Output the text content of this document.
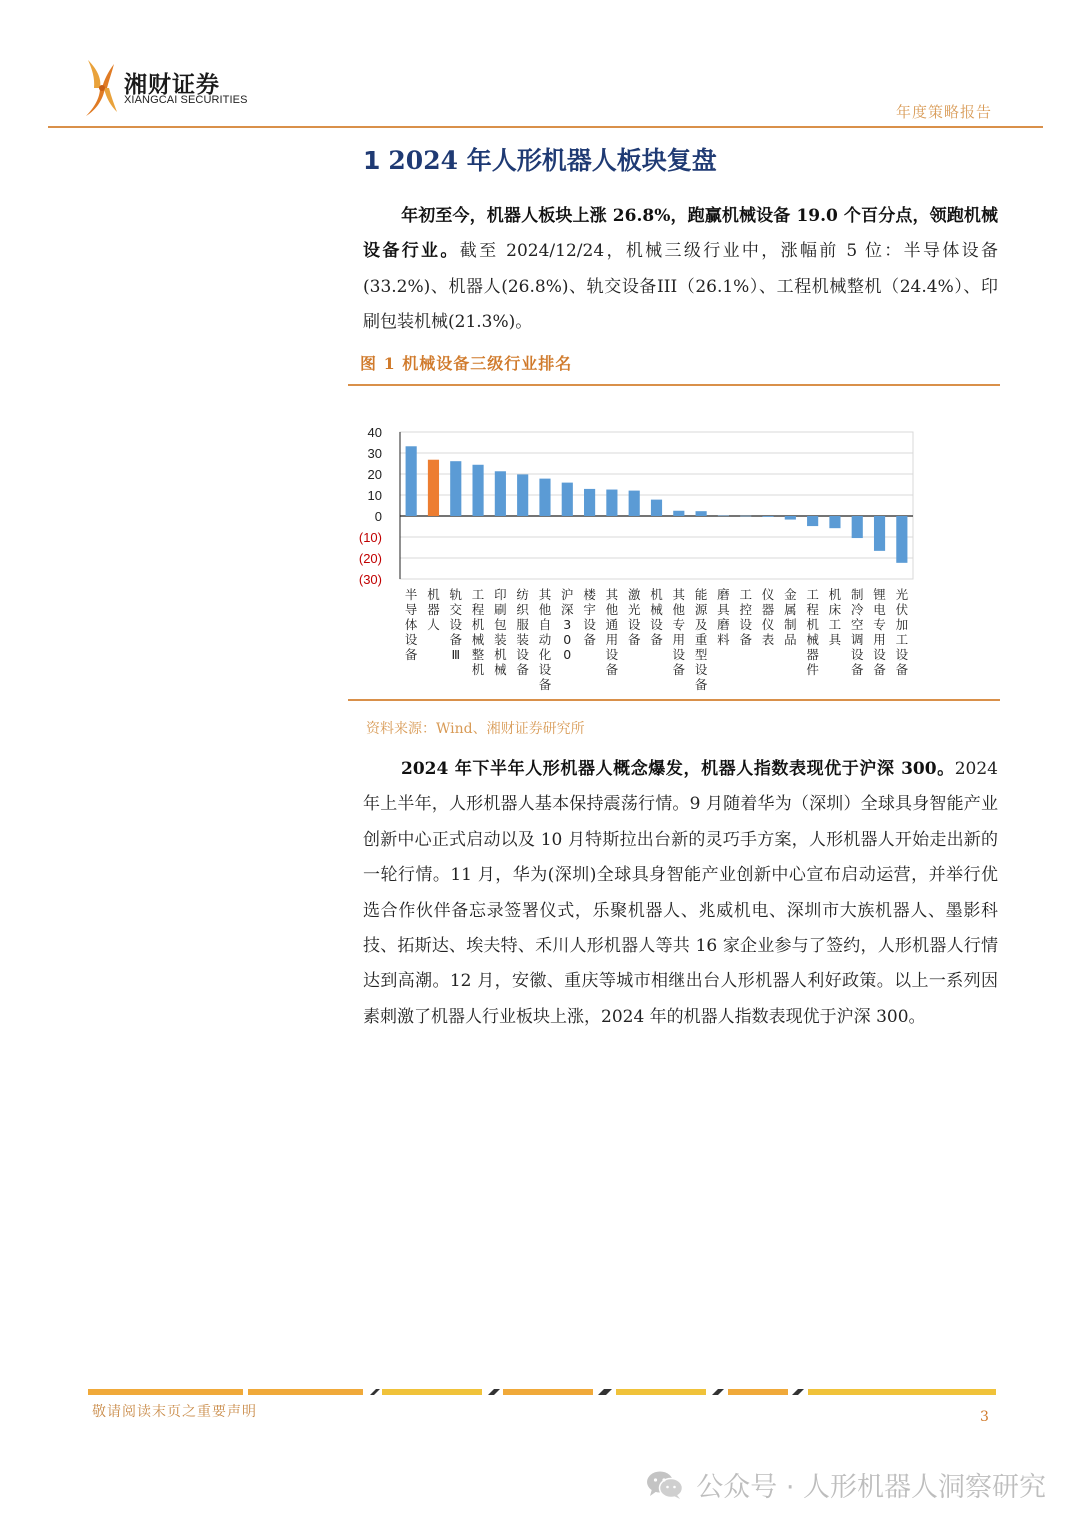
湘财证券
XIANGCAI SECURITIES
年度策略报告
1 2024 年人形机器人板块复盘
年初至今，机器人板块上涨 26.8%，跑赢机械设备 19.0 个百分点，领跑机械设备行业。截至 2024/12/24，机械三级行业中，涨幅前 5 位：半导体设备(33.2%)、机器人(26.8%)、轨交设备III（26.1%）、工程机械整机（24.4%）、印刷包装机械(21.3%)。
图 1 机械设备三级行业排名
40
30
20
10
0
(10)
(20)
(30)
半导体设备
机器人
轨交设备 Ⅲ
工程机械整机
印刷包装机械
纺织服装设备
其他自动化设备
沪深 3 0 0
楼宇设备
其他通用设备
激光设备
机械设备
其他专用设备
能源及重型设备
磨具磨料
工控设备
仪器仪表
金属制品
工程机械器件
机床工具
制冷空调设备
锂电专用设备
光伏加工设备
资料来源：Wind、湘财证券研究所
2024 年下半年人形机器人概念爆发，机器人指数表现优于沪深 300。2024 年上半年，人形机器人基本保持震荡行情。9 月随着华为（深圳）全球具身智能产业创新中心正式启动以及 10 月特斯拉出台新的灵巧手方案，人形机器人开始走出新的一轮行情。11 月，华为(深圳)全球具身智能产业创新中心宣布启动运营，并举行优选合作伙伴备忘录签署仪式，乐聚机器人、兆威机电、深圳市大族机器人、墨影科技、拓斯达、埃夫特、禾川人形机器人等共 16 家企业参与了签约，人形机器人行情达到高潮。12 月，安徽、重庆等城市相继出台人形机器人利好政策。以上一系列因素刺激了机器人行业板块上涨，2024 年的机器人指数表现优于沪深 300。
敬请阅读末页之重要声明	3
公众号 · 人形机器人洞察研究
